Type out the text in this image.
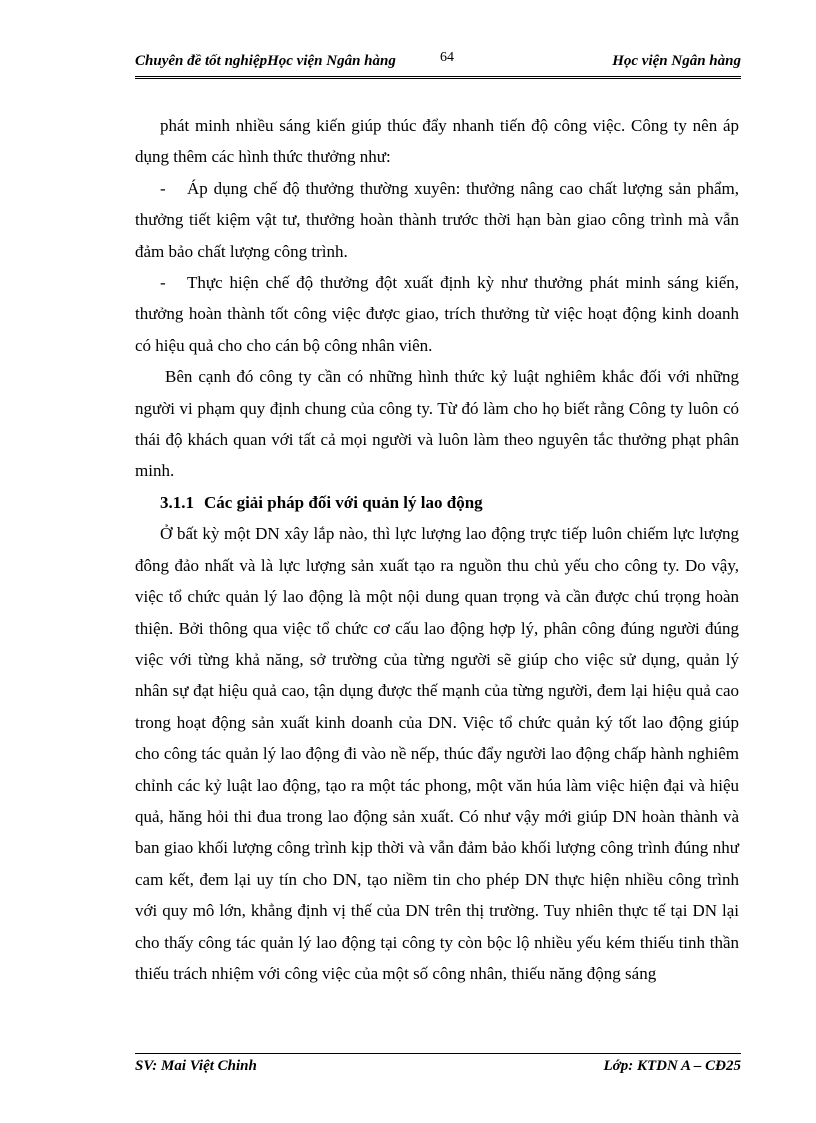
Chuyên đề tốt nghiệpHọc viện Ngân hàng	64	Học viện Ngân hàng

phát minh nhiều sáng kiến giúp thúc đẩy nhanh tiến độ công việc. Công ty nên áp dụng thêm các hình thức thưởng như:

- Áp dụng chế độ thưởng thường xuyên: thưởng nâng cao chất lượng sản phẩm, thưởng tiết kiệm vật tư, thưởng hoàn thành trước thời hạn bàn giao công trình mà vẫn đảm bảo chất lượng công trình.

- Thực hiện chế độ thưởng đột xuất định kỳ như thưởng phát minh sáng kiến, thưởng hoàn thành tốt công việc được giao, trích thưởng từ việc hoạt động kinh doanh có hiệu quả cho cho cán bộ công nhân viên.

Bên cạnh đó công ty cần có những hình thức kỷ luật nghiêm khắc đối với những người vi phạm quy định chung của công ty. Từ đó làm cho họ biết rằng Công ty luôn có thái độ khách quan với tất cả mọi người và luôn làm theo nguyên tắc thưởng phạt phân minh.

3.1.1 Các giải pháp đối với quản lý lao động

Ở bất kỳ một DN xây lắp nào, thì lực lượng lao động trực tiếp luôn chiếm lực lượng đông đảo nhất và là lực lượng sản xuất tạo ra nguồn thu chủ yếu cho công ty. Do vậy, việc tổ chức quản lý lao động là một nội dung quan trọng và cần được chú trọng hoàn thiện. Bởi thông qua việc tổ chức cơ cấu lao động hợp lý, phân công đúng người đúng việc với từng khả năng, sở trường của từng người sẽ giúp cho việc sử dụng, quản lý nhân sự đạt hiệu quả cao, tận dụng được thế mạnh của từng người, đem lại hiệu quả cao trong hoạt động sản xuất kinh doanh của DN. Việc tổ chức quản ký tốt lao động giúp cho công tác quản lý lao động đi vào nề nếp, thúc đẩy người lao động chấp hành nghiêm chỉnh các kỷ luật lao động, tạo ra một tác phong, một văn húa làm việc hiện đại và hiệu quả, hăng hỏi thi đua trong lao động sản xuất. Có như vậy mới giúp DN hoàn thành và ban giao khối lượng công trình kịp thời và vẫn đảm bảo khối lượng công trình đúng như cam kết, đem lại uy tín cho DN, tạo niềm tin cho phép DN thực hiện nhiều công trình với quy mô lớn, khẳng định vị thế của DN trên thị trường. Tuy nhiên thực tế tại DN lại cho thấy công tác quản lý lao động tại công ty còn bộc lộ nhiều yếu kém thiếu tinh thần thiếu trách nhiệm với công việc của một số công nhân, thiếu năng động sáng

SV: Mai Việt Chinh	Lớp: KTDN A – CĐ25
